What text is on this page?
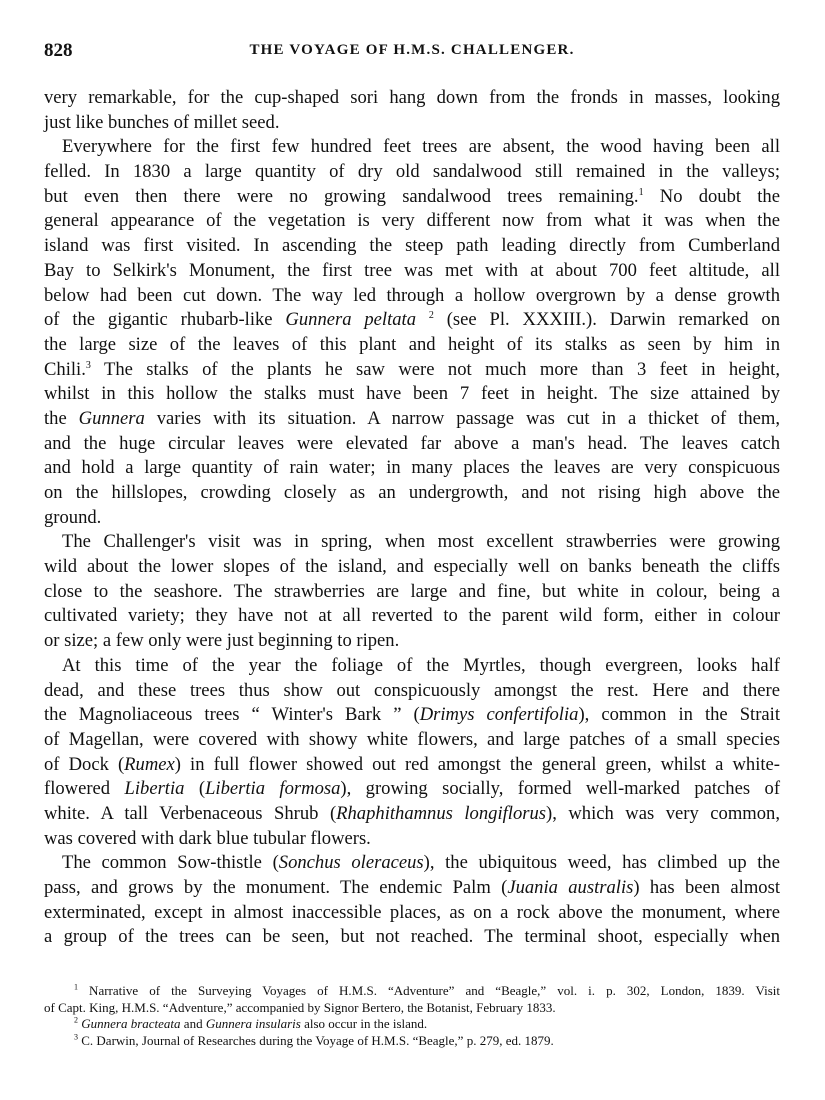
828	THE VOYAGE OF H.M.S. CHALLENGER.
very remarkable, for the cup-shaped sori hang down from the fronds in masses, looking
just like bunches of millet seed.
Everywhere for the first few hundred feet trees are absent, the wood having been all
felled. In 1830 a large quantity of dry old sandalwood still remained in the valleys;
but even then there were no growing sandalwood trees remaining.$^1$ No doubt the
general appearance of the vegetation is very different now from what it was when the
island was first visited. In ascending the steep path leading directly from Cumberland
Bay to Selkirk's Monument, the first tree was met with at about 700 feet altitude, all
below had been cut down. The way led through a hollow overgrown by a dense growth
of the gigantic rhubarb-like Gunnera peltata $^2$ (see Pl. XXXIII.). Darwin remarked on
the large size of the leaves of this plant and height of its stalks as seen by him in
Chili.$^3$ The stalks of the plants he saw were not much more than 3 feet in height,
whilst in this hollow the stalks must have been 7 feet in height. The size attained by
the Gunnera varies with its situation. A narrow passage was cut in a thicket of them,
and the huge circular leaves were elevated far above a man's head. The leaves catch
and hold a large quantity of rain water; in many places the leaves are very conspicuous
on the hillslopes, crowding closely as an undergrowth, and not rising high above the
ground.
The Challenger's visit was in spring, when most excellent strawberries were growing
wild about the lower slopes of the island, and especially well on banks beneath the cliffs
close to the seashore. The strawberries are large and fine, but white in colour, being a
cultivated variety; they have not at all reverted to the parent wild form, either in colour
or size; a few only were just beginning to ripen.
At this time of the year the foliage of the Myrtles, though evergreen, looks half
dead, and these trees thus show out conspicuously amongst the rest. Here and there
the Magnoliaceous trees “ Winter's Bark ” (Drimys confertifolia), common in the Strait
of Magellan, were covered with showy white flowers, and large patches of a small species
of Dock (Rumex) in full flower showed out red amongst the general green, whilst a white-
flowered Libertia (Libertia formosa), growing socially, formed well-marked patches of
white. A tall Verbenaceous Shrub (Rhaphithamnus longiflorus), which was very common,
was covered with dark blue tubular flowers.
The common Sow-thistle (Sonchus oleraceus), the ubiquitous weed, has climbed up the
pass, and grows by the monument. The endemic Palm (Juania australis) has been almost
exterminated, except in almost inaccessible places, as on a rock above the monument, where
a group of the trees can be seen, but not reached. The terminal shoot, especially when
$^1$ Narrative of the Surveying Voyages of H.M.S. “Adventure” and “Beagle,” vol. i. p. 302, London, 1839. Visit
of Capt. King, H.M.S. “Adventure,” accompanied by Signor Bertero, the Botanist, February 1833.
$^2$ Gunnera bracteata and Gunnera insularis also occur in the island.
$^3$ C. Darwin, Journal of Researches during the Voyage of H.M.S. “Beagle,” p. 279, ed. 1879.
